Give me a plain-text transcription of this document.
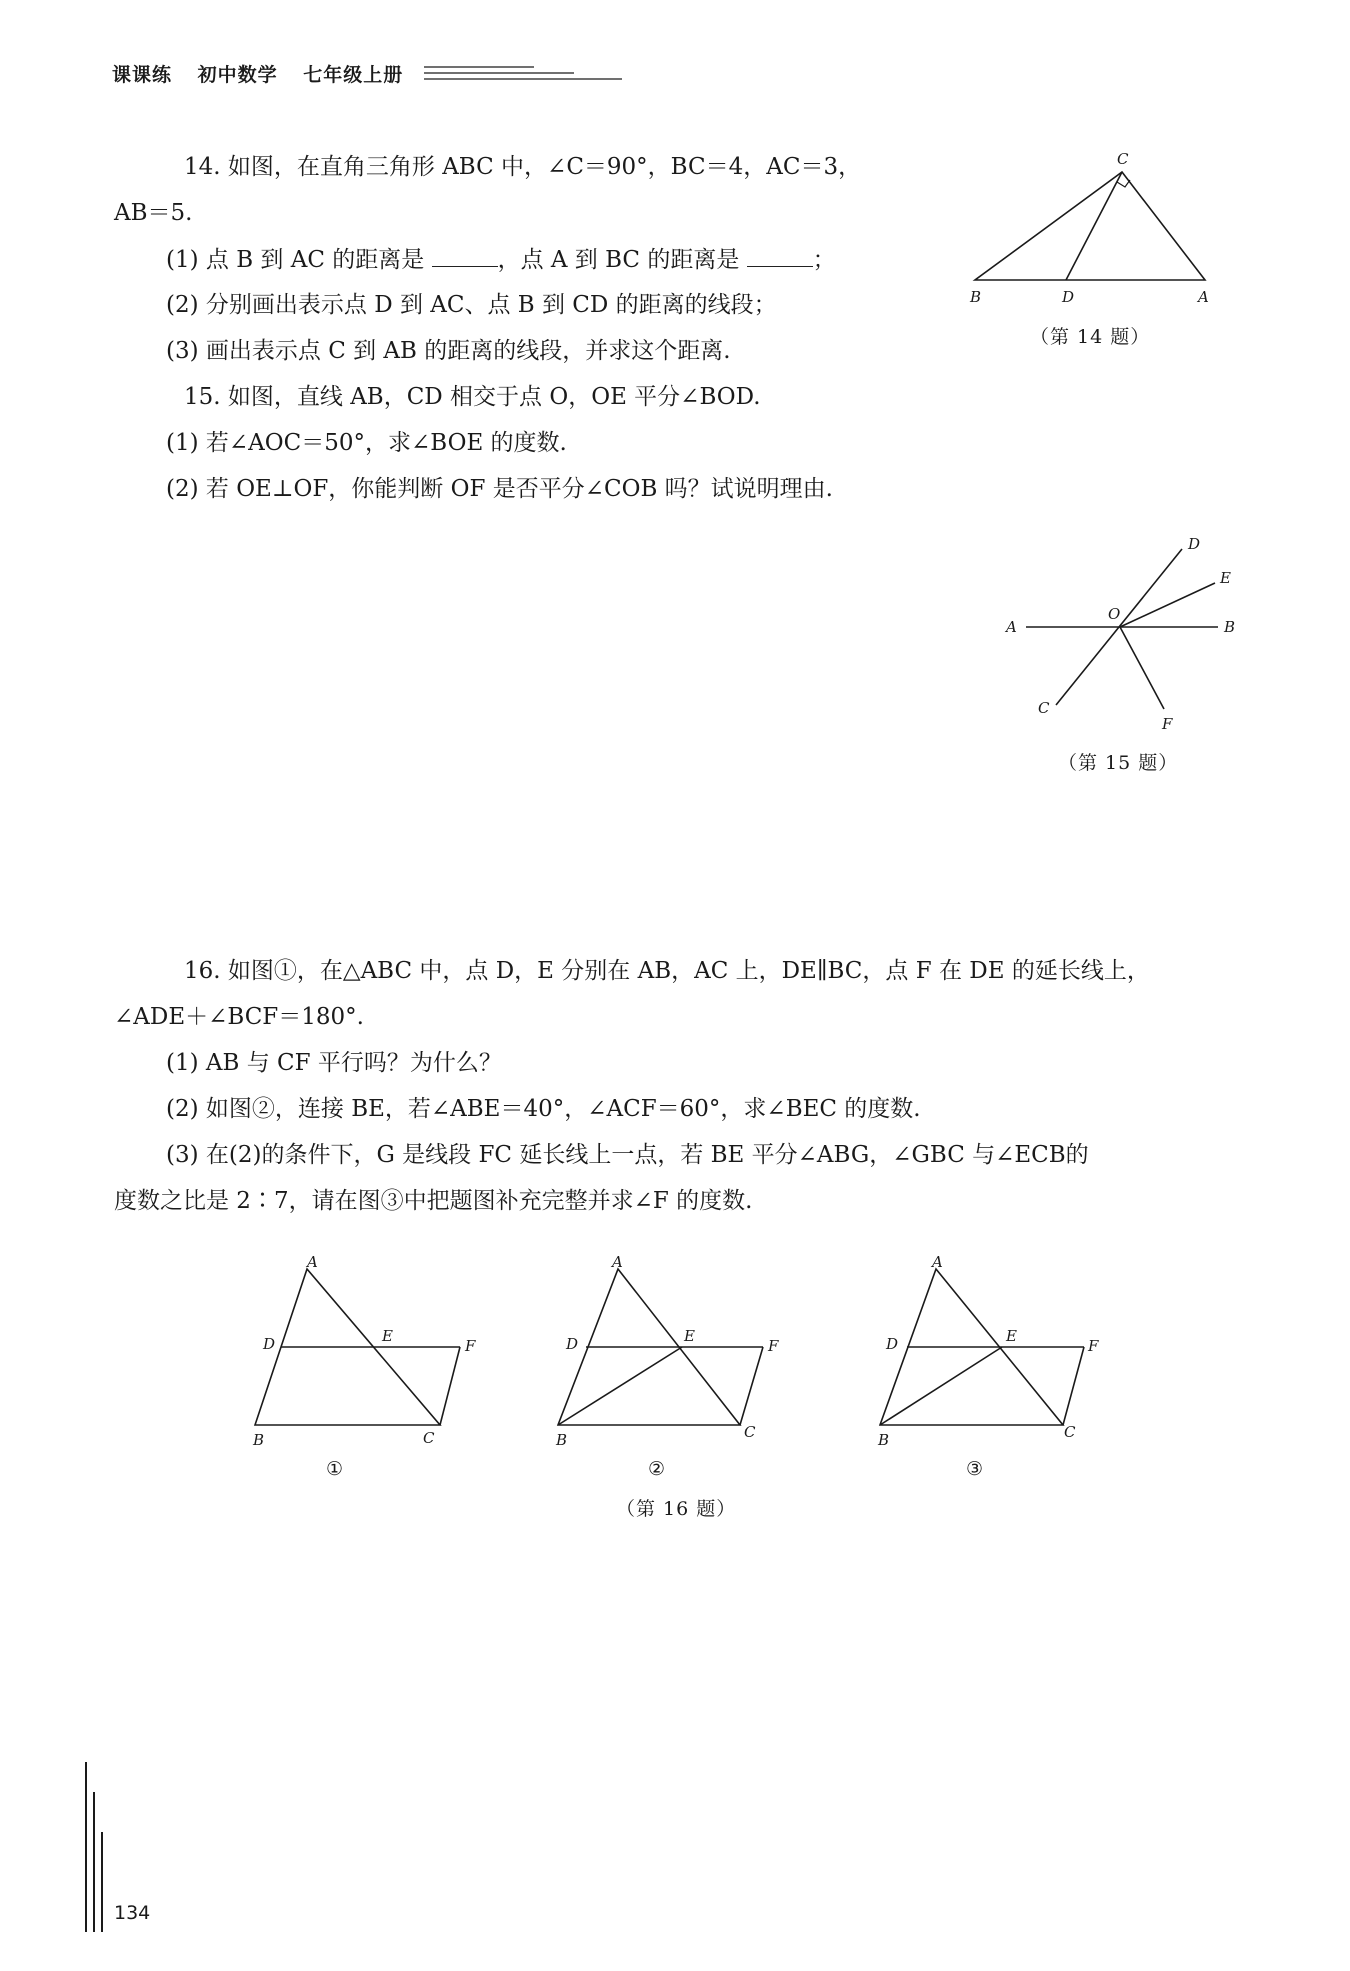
课课练 初中数学 七年级上册
14. 如图，在直角三角形 ABC 中，∠C＝90°，BC＝4，AC＝3，
AB＝5.
(1) 点 B 到 AC 的距离是	，点 A 到 BC 的距离是	；
(2) 分别画出表示点 D 到 AC、点 B 到 CD 的距离的线段；
(3) 画出表示点 C 到 AB 的距离的线段，并求这个距离.
C
B	D	A
（第 14 题）
15. 如图，直线 AB，CD 相交于点 O，OE 平分∠BOD.
(1) 若∠AOC＝50°，求∠BOE 的度数.
(2) 若 OE⊥OF，你能判断 OF 是否平分∠COB 吗？试说明理由.
A	B
C
D
E
F
O
（第 15 题）
16. 如图①，在△ABC 中，点 D，E 分别在 AB，AC 上，DE∥BC，点 F 在 DE 的延长线上，
∠ADE＋∠BCF＝180°.
(1) AB 与 CF 平行吗？为什么？
(2) 如图②，连接 BE，若∠ABE＝40°，∠ACF＝60°，求∠BEC 的度数.
(3) 在(2)的条件下，G 是线段 FC 延长线上一点，若 BE 平分∠ABG，∠GBC 与∠ECB的
度数之比是 2∶7，请在图③中把题图补充完整并求∠F 的度数.
A
D	E
F
B	C
①
A
D	E
F
B	C
②
A
D	E
F
B	C
③
（第 16 题）
134
